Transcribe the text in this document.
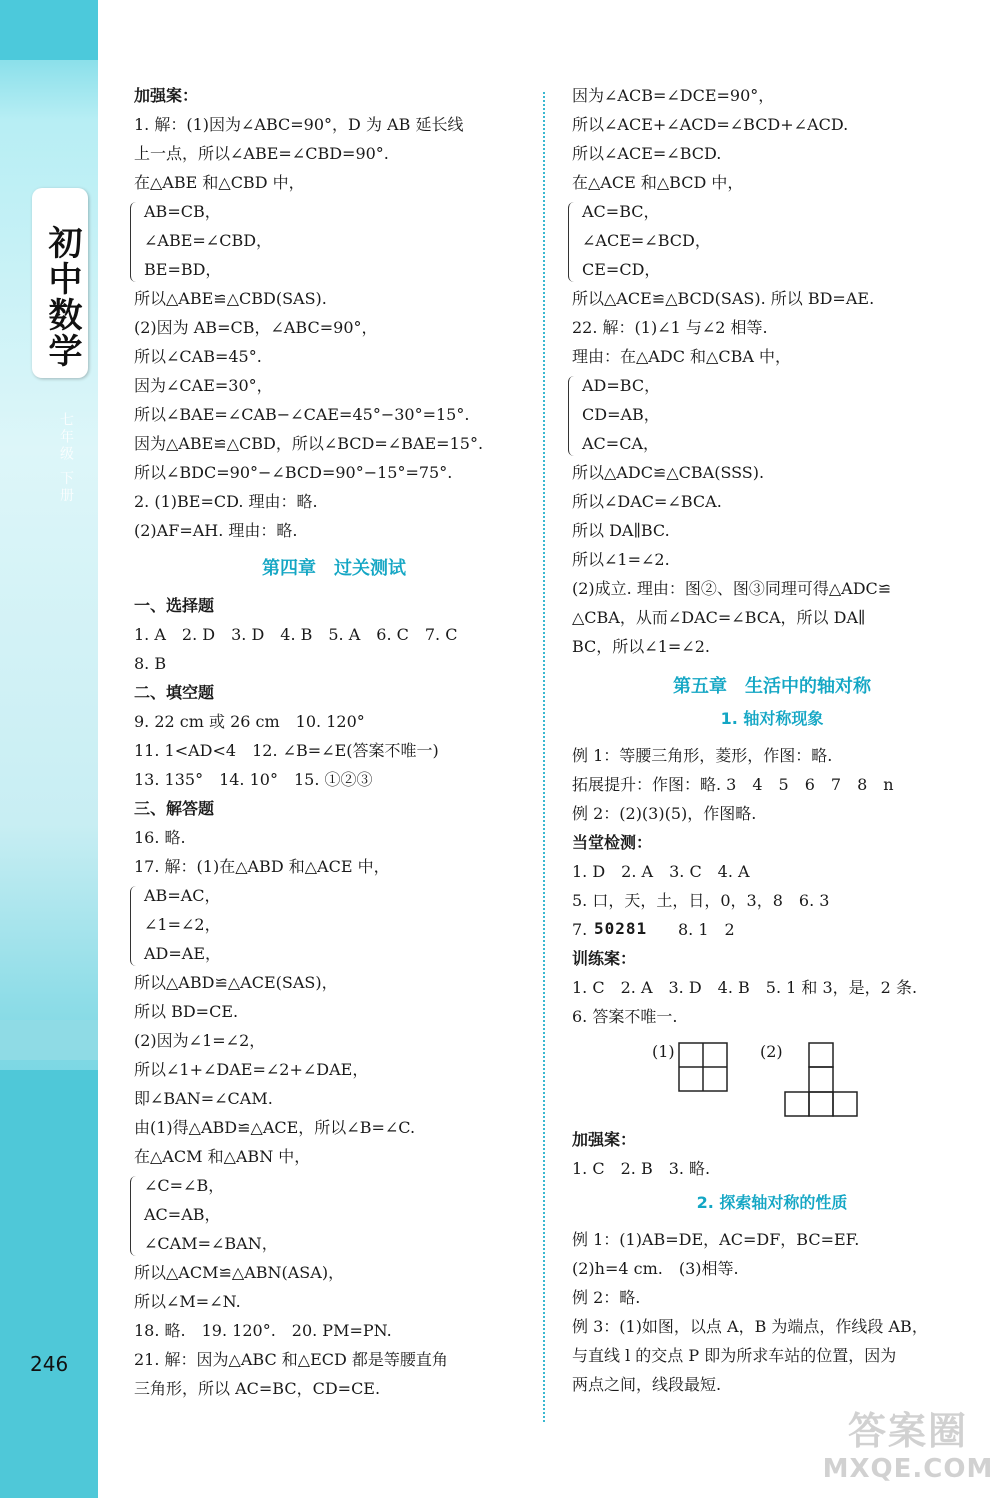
初中数学
七年级 下册
246
加强案：
1. 解：(1)因为∠ABC=90°，D 为 AB 延长线
上一点，所以∠ABE=∠CBD=90°.
在△ABE 和△CBD 中，
AB=CB，
∠ABE=∠CBD，
BE=BD，
所以△ABE≌△CBD(SAS).
(2)因为 AB=CB，∠ABC=90°，
所以∠CAB=45°.
因为∠CAE=30°，
所以∠BAE=∠CAB−∠CAE=45°−30°=15°.
因为△ABE≌△CBD，所以∠BCD=∠BAE=15°.
所以∠BDC=90°−∠BCD=90°−15°=75°.
2. (1)BE=CD. 理由：略.
(2)AF=AH. 理由：略.
第四章　过关测试
一、选择题
1. A　2. D　3. D　4. B　5. A　6. C　7. C
8. B
二、填空题
9. 22 cm 或 26 cm　10. 120°
11. 1<AD<4　12. ∠B=∠E(答案不唯一)
13. 135°　14. 10°　15. ①②③
三、解答题
16. 略.
17. 解：(1)在△ABD 和△ACE 中，
AB=AC，
∠1=∠2，
AD=AE，
所以△ABD≌△ACE(SAS)，
所以 BD=CE.
(2)因为∠1=∠2，
所以∠1+∠DAE=∠2+∠DAE，
即∠BAN=∠CAM.
由(1)得△ABD≌△ACE，所以∠B=∠C.
在△ACM 和△ABN 中，
∠C=∠B，
AC=AB，
∠CAM=∠BAN，
所以△ACM≌△ABN(ASA)，
所以∠M=∠N.
18. 略.　19. 120°.　20. PM=PN.
21. 解：因为△ABC 和△ECD 都是等腰直角
三角形，所以 AC=BC，CD=CE.
因为∠ACB=∠DCE=90°，
所以∠ACE+∠ACD=∠BCD+∠ACD.
所以∠ACE=∠BCD.
在△ACE 和△BCD 中，
AC=BC，
∠ACE=∠BCD，
CE=CD，
所以△ACE≌△BCD(SAS). 所以 BD=AE.
22. 解：(1)∠1 与∠2 相等.
理由：在△ADC 和△CBA 中，
AD=BC，
CD=AB，
AC=CA，
所以△ADC≌△CBA(SSS).
所以∠DAC=∠BCA.
所以 DA∥BC.
所以∠1=∠2.
(2)成立. 理由：图②、图③同理可得△ADC≌
△CBA，从而∠DAC=∠BCA，所以 DA∥
BC，所以∠1=∠2.
第五章　生活中的轴对称
1. 轴对称现象
例 1：等腰三角形，菱形，作图：略.
拓展提升：作图：略. 3　4　5　6　7　8　n
例 2：(2)(3)(5)，作图略.
当堂检测：
1. D　2. A　3. C　4. A
5. 口，天，土，日，0，3，8　6. 3
7. 50281 8. 1　2
训练案：
1. C　2. A　3. D　4. B　5. 1 和 3，是，2 条.
6. 答案不唯一.
(1)	(2)
加强案：
1. C　2. B　3. 略.
2. 探索轴对称的性质
例 1：(1)AB=DE，AC=DF，BC=EF.
(2)h=4 cm.　(3)相等.
例 2：略.
例 3：(1)如图，以点 A，B 为端点，作线段 AB，
与直线 l 的交点 P 即为所求车站的位置，因为
两点之间，线段最短.
答案圈
MXQE.COM
